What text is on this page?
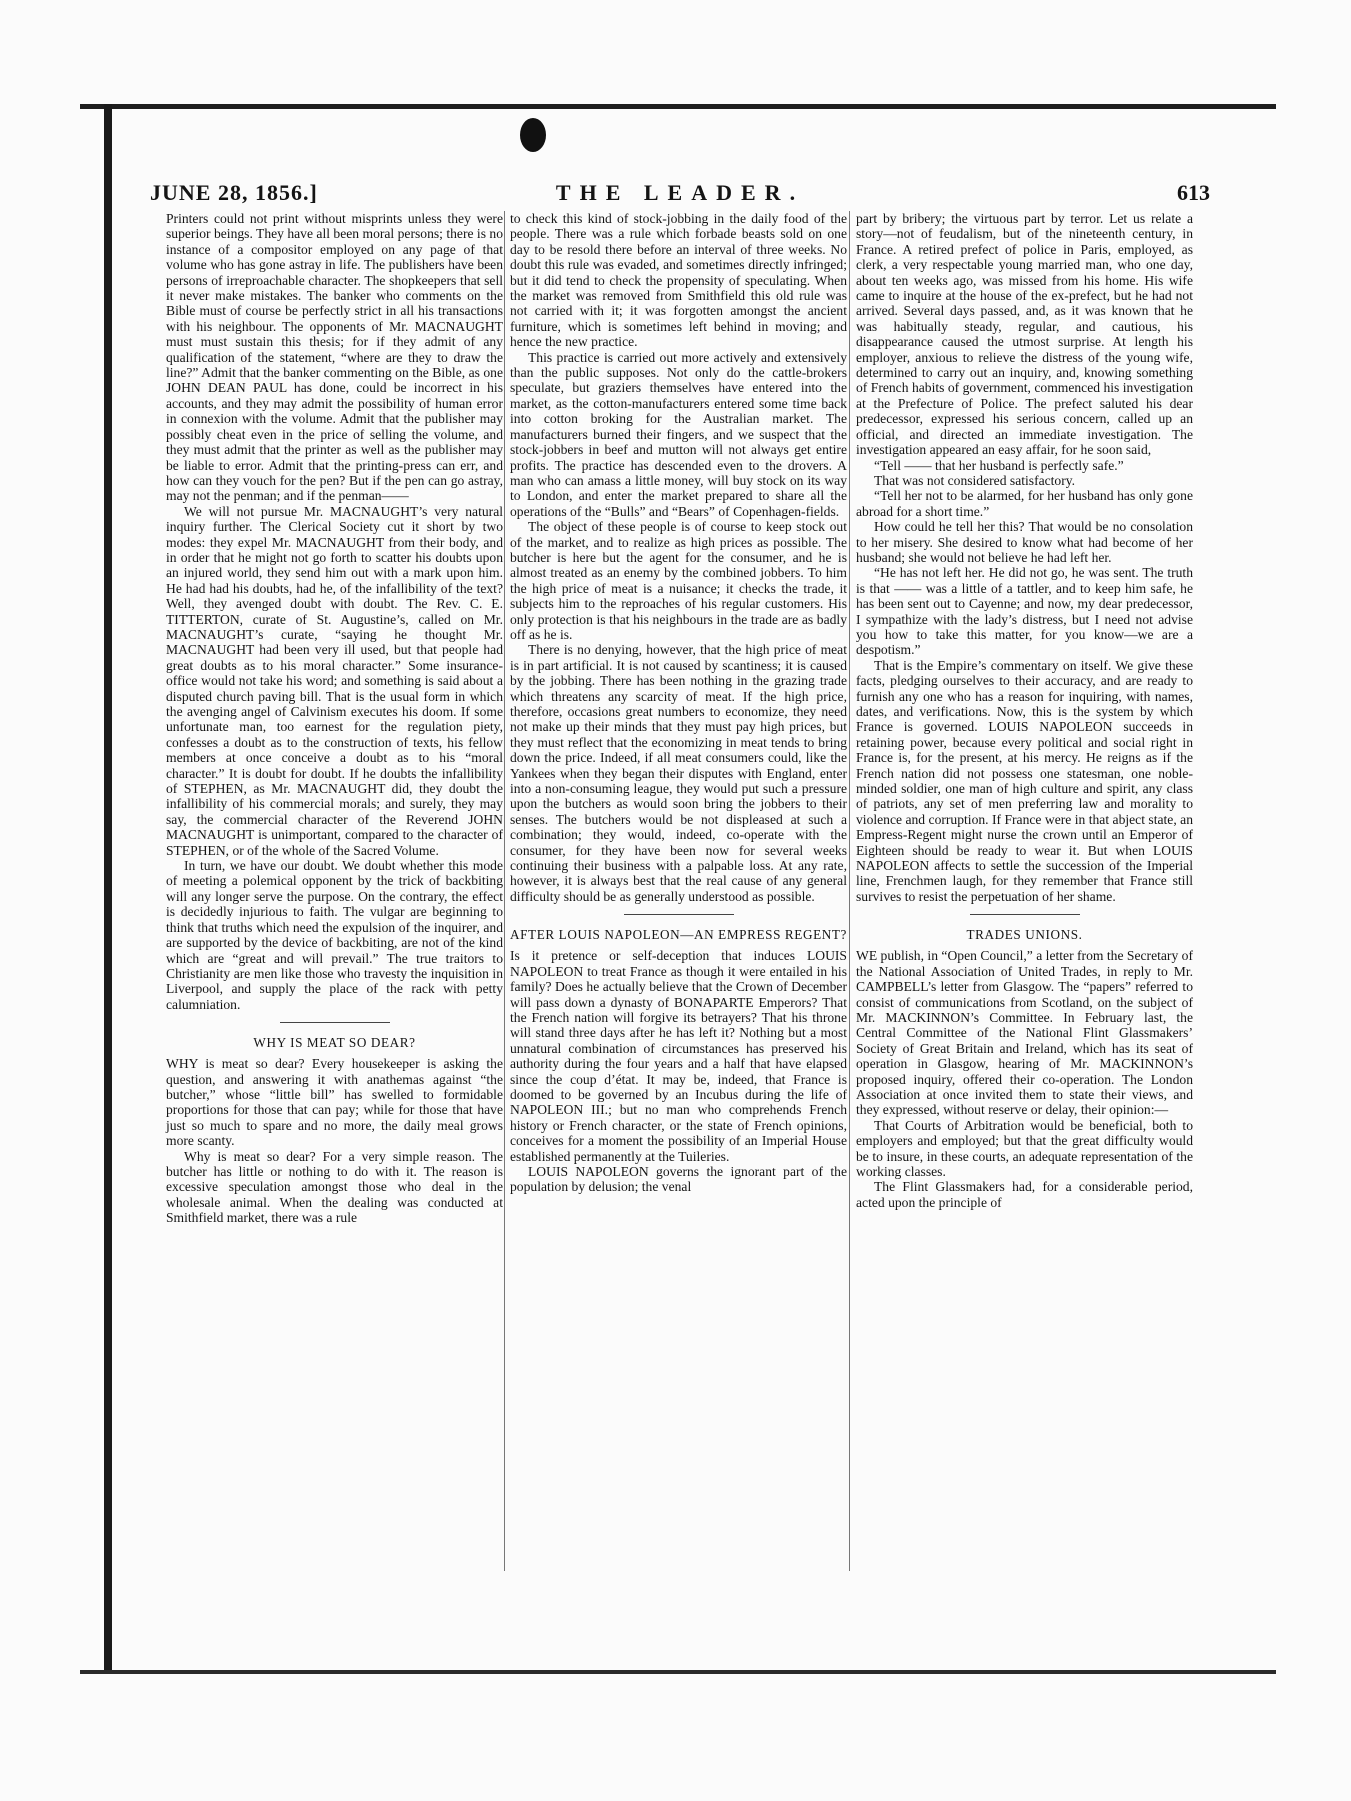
JUNE 28, 1856.]	THE LEADER.	613

Printers could not print without misprints unless they were superior beings. They have all been moral persons; there is no instance of a compositor employed on any page of that volume who has gone astray in life. The publishers have been persons of irreproachable character. The shopkeepers that sell it never make mistakes. The banker who comments on the Bible must of course be perfectly strict in all his transactions with his neighbour. The opponents of Mr. MACNAUGHT must must sustain this thesis; for if they admit of any qualification of the statement, “where are they to draw the line?” Admit that the banker commenting on the Bible, as one JOHN DEAN PAUL has done, could be incorrect in his accounts, and they may admit the possibility of human error in connexion with the volume. Admit that the publisher may possibly cheat even in the price of selling the volume, and they must admit that the printer as well as the publisher may be liable to error. Admit that the printing-press can err, and how can they vouch for the pen? But if the pen can go astray, may not the penman; and if the penman——

We will not pursue Mr. MACNAUGHT’s very natural inquiry further. The Clerical Society cut it short by two modes: they expel Mr. MACNAUGHT from their body, and in order that he might not go forth to scatter his doubts upon an injured world, they send him out with a mark upon him. He had had his doubts, had he, of the infallibility of the text? Well, they avenged doubt with doubt. The Rev. C. E. TITTERTON, curate of St. Augustine’s, called on Mr. MACNAUGHT’s curate, “saying he thought Mr. MACNAUGHT had been very ill used, but that people had great doubts as to his moral character.” Some insurance-office would not take his word; and something is said about a disputed church paving bill. That is the usual form in which the avenging angel of Calvinism executes his doom. If some unfortunate man, too earnest for the regulation piety, confesses a doubt as to the construction of texts, his fellow members at once conceive a doubt as to his “moral character.” It is doubt for doubt. If he doubts the infallibility of STEPHEN, as Mr. MACNAUGHT did, they doubt the infallibility of his commercial morals; and surely, they may say, the commercial character of the Reverend JOHN MACNAUGHT is unimportant, compared to the character of STEPHEN, or of the whole of the Sacred Volume.

In turn, we have our doubt. We doubt whether this mode of meeting a polemical opponent by the trick of backbiting will any longer serve the purpose. On the contrary, the effect is decidedly injurious to faith. The vulgar are beginning to think that truths which need the expulsion of the inquirer, and are supported by the device of backbiting, are not of the kind which are “great and will prevail.” The true traitors to Christianity are men like those who travesty the inquisition in Liverpool, and supply the place of the rack with petty calumniation.

WHY IS MEAT SO DEAR?

WHY is meat so dear? Every housekeeper is asking the question, and answering it with anathemas against “the butcher,” whose “little bill” has swelled to formidable proportions for those that can pay; while for those that have just so much to spare and no more, the daily meal grows more scanty.

Why is meat so dear? For a very simple reason. The butcher has little or nothing to do with it. The reason is excessive speculation amongst those who deal in the wholesale animal. When the dealing was conducted at Smithfield market, there was a rule

to check this kind of stock-jobbing in the daily food of the people. There was a rule which forbade beasts sold on one day to be resold there before an interval of three weeks. No doubt this rule was evaded, and sometimes directly infringed; but it did tend to check the propensity of speculating. When the market was removed from Smithfield this old rule was not carried with it; it was forgotten amongst the ancient furniture, which is sometimes left behind in moving; and hence the new practice.

This practice is carried out more actively and extensively than the public supposes. Not only do the cattle-brokers speculate, but graziers themselves have entered into the market, as the cotton-manufacturers entered some time back into cotton broking for the Australian market. The manufacturers burned their fingers, and we suspect that the stock-jobbers in beef and mutton will not always get entire profits. The practice has descended even to the drovers. A man who can amass a little money, will buy stock on its way to London, and enter the market prepared to share all the operations of the “Bulls” and “Bears” of Copenhagen-fields.

The object of these people is of course to keep stock out of the market, and to realize as high prices as possible. The butcher is here but the agent for the consumer, and he is almost treated as an enemy by the combined jobbers. To him the high price of meat is a nuisance; it checks the trade, it subjects him to the reproaches of his regular customers. His only protection is that his neighbours in the trade are as badly off as he is.

There is no denying, however, that the high price of meat is in part artificial. It is not caused by scantiness; it is caused by the jobbing. There has been nothing in the grazing trade which threatens any scarcity of meat. If the high price, therefore, occasions great numbers to economize, they need not make up their minds that they must pay high prices, but they must reflect that the economizing in meat tends to bring down the price. Indeed, if all meat consumers could, like the Yankees when they began their disputes with England, enter into a non-consuming league, they would put such a pressure upon the butchers as would soon bring the jobbers to their senses. The butchers would be not displeased at such a combination; they would, indeed, co-operate with the consumer, for they have been now for several weeks continuing their business with a palpable loss. At any rate, however, it is always best that the real cause of any general difficulty should be as generally understood as possible.

AFTER LOUIS NAPOLEON—AN EMPRESS REGENT?

Is it pretence or self-deception that induces LOUIS NAPOLEON to treat France as though it were entailed in his family? Does he actually believe that the Crown of December will pass down a dynasty of BONAPARTE Emperors? That the French nation will forgive its betrayers? That his throne will stand three days after he has left it? Nothing but a most unnatural combination of circumstances has preserved his authority during the four years and a half that have elapsed since the coup d’état. It may be, indeed, that France is doomed to be governed by an Incubus during the life of NAPOLEON III.; but no man who comprehends French history or French character, or the state of French opinions, conceives for a moment the possibility of an Imperial House established permanently at the Tuileries.

LOUIS NAPOLEON governs the ignorant part of the population by delusion; the venal

part by bribery; the virtuous part by terror. Let us relate a story—not of feudalism, but of the nineteenth century, in France. A retired prefect of police in Paris, employed, as clerk, a very respectable young married man, who one day, about ten weeks ago, was missed from his home. His wife came to inquire at the house of the ex-prefect, but he had not arrived. Several days passed, and, as it was known that he was habitually steady, regular, and cautious, his disappearance caused the utmost surprise. At length his employer, anxious to relieve the distress of the young wife, determined to carry out an inquiry, and, knowing something of French habits of government, commenced his investigation at the Prefecture of Police. The prefect saluted his dear predecessor, expressed his serious concern, called up an official, and directed an immediate investigation. The investigation appeared an easy affair, for he soon said,

“Tell —— that her husband is perfectly safe.”

That was not considered satisfactory.

“Tell her not to be alarmed, for her husband has only gone abroad for a short time.”

How could he tell her this? That would be no consolation to her misery. She desired to know what had become of her husband; she would not believe he had left her.

“He has not left her. He did not go, he was sent. The truth is that —— was a little of a tattler, and to keep him safe, he has been sent out to Cayenne; and now, my dear predecessor, I sympathize with the lady’s distress, but I need not advise you how to take this matter, for you know—we are a despotism.”

That is the Empire’s commentary on itself. We give these facts, pledging ourselves to their accuracy, and are ready to furnish any one who has a reason for inquiring, with names, dates, and verifications. Now, this is the system by which France is governed. LOUIS NAPOLEON succeeds in retaining power, because every political and social right in France is, for the present, at his mercy. He reigns as if the French nation did not possess one statesman, one noble-minded soldier, one man of high culture and spirit, any class of patriots, any set of men preferring law and morality to violence and corruption. If France were in that abject state, an Empress-Regent might nurse the crown until an Emperor of Eighteen should be ready to wear it. But when LOUIS NAPOLEON affects to settle the succession of the Imperial line, Frenchmen laugh, for they remember that France still survives to resist the perpetuation of her shame.

TRADES UNIONS.

WE publish, in “Open Council,” a letter from the Secretary of the National Association of United Trades, in reply to Mr. CAMPBELL’s letter from Glasgow. The “papers” referred to consist of communications from Scotland, on the subject of Mr. MACKINNON’s Committee. In February last, the Central Committee of the National Flint Glassmakers’ Society of Great Britain and Ireland, which has its seat of operation in Glasgow, hearing of Mr. MACKINNON’s proposed inquiry, offered their co-operation. The London Association at once invited them to state their views, and they expressed, without reserve or delay, their opinion:—

That Courts of Arbitration would be beneficial, both to employers and employed; but that the great difficulty would be to insure, in these courts, an adequate representation of the working classes.

The Flint Glassmakers had, for a considerable period, acted upon the principle of
